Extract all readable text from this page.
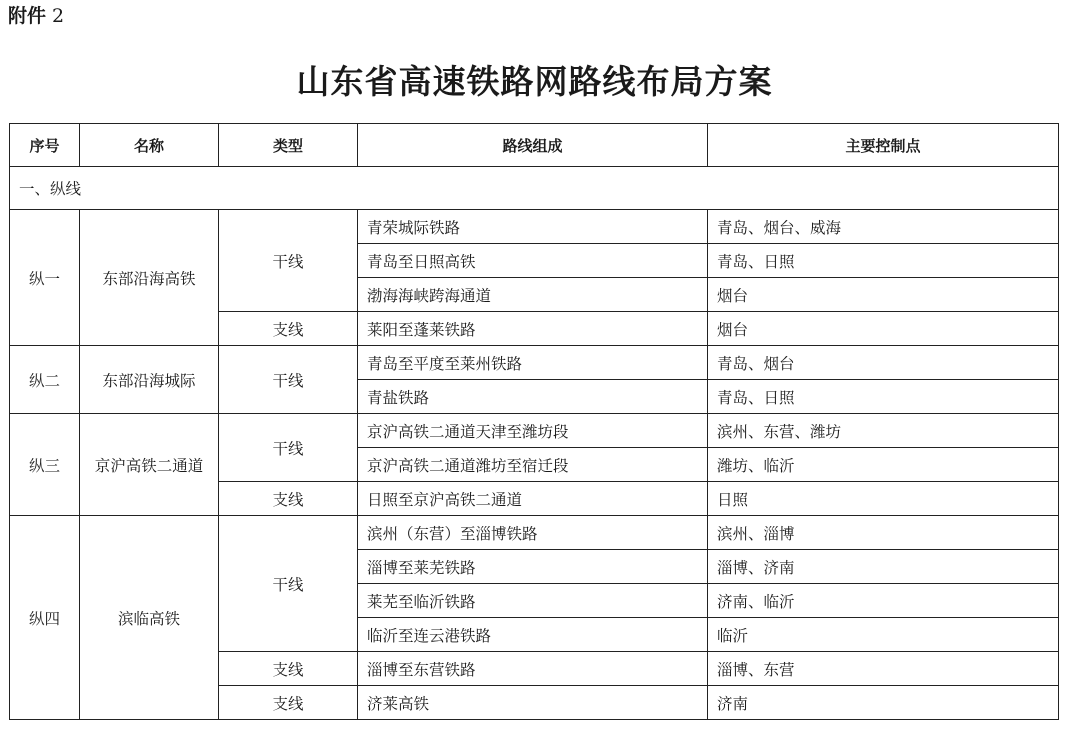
附件 2
山东省高速铁路网路线布局方案
序号	名称	类型	路线组成	主要控制点
一、纵线				
纵一	东部沿海高铁	干线	青荣城际铁路	青岛、烟台、威海
			青岛至日照高铁	青岛、日照
			渤海海峡跨海通道	烟台
		支线	莱阳至蓬莱铁路	烟台
纵二	东部沿海城际	干线	青岛至平度至莱州铁路	青岛、烟台
			青盐铁路	青岛、日照
纵三	京沪高铁二通道	干线	京沪高铁二通道天津至潍坊段	滨州、东营、潍坊
			京沪高铁二通道潍坊至宿迁段	潍坊、临沂
		支线	日照至京沪高铁二通道	日照
纵四	滨临高铁	干线	滨州（东营）至淄博铁路	滨州、淄博
			淄博至莱芜铁路	淄博、济南
			莱芜至临沂铁路	济南、临沂
			临沂至连云港铁路	临沂
		支线	淄博至东营铁路	淄博、东营
		支线	济莱高铁	济南
